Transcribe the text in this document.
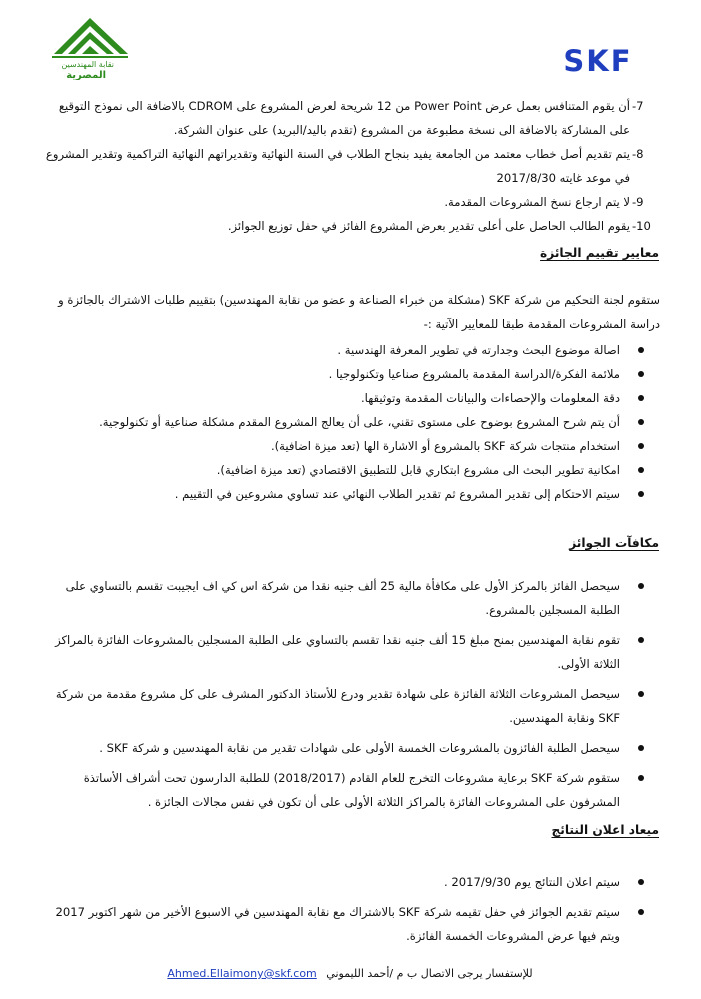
نقابة المهندسين
المصرية	SKF

-7
أن يقوم المتنافس بعمل عرض Power Point من 12 شريحة لعرض المشروع على CDROM بالاضافة الى نموذج التوقيع على المشاركة بالاضافة الى نسخة مطبوعة من المشروع (تقدم باليد/البريد) على عنوان الشركة.

-8
يتم تقديم أصل خطاب معتمد من الجامعة يفيد بنجاح الطلاب في السنة النهائية وتقديراتهم النهائية التراكمية وتقدير المشروع في موعد غايته 2017/8/30

-9
لا يتم ارجاع نسخ المشروعات المقدمة.

-10
يقوم الطالب الحاصل على أعلى تقدير بعرض المشروع الفائز في حفل توزيع الجوائز.

معايير تقييم الجائزة
ستقوم لجنة التحكيم من شركة SKF (مشكلة من خبراء الصناعة و عضو من نقابة المهندسين) بتقييم طلبات الاشتراك بالجائزة و دراسة المشروعات المقدمة طبقا للمعايير الآتية :-

اصالة موضوع البحث وجدارته في تطوير المعرفة الهندسية .

ملائمة الفكرة/الدراسة المقدمة بالمشروع صناعيا وتكنولوجيا .

دقة المعلومات والإحصاءات والبيانات المقدمة وتوثيقها.

أن يتم شرح المشروع بوضوح على مستوى تقني، على أن يعالج المشروع المقدم مشكلة صناعية أو تكنولوجية.

استخدام منتجات شركة SKF بالمشروع أو الاشارة الها (تعد ميزة اضافية).

امكانية تطوير البحث الى مشروع ابتكاري قابل للتطبيق الاقتصادي (تعد ميزة اضافية).

سيتم الاحتكام إلى تقدير المشروع ثم تقدير الطلاب النهائي عند تساوي مشروعين في التقييم .

مكافآت الجوائز

سيحصل الفائز بالمركز الأول على مكافأة مالية 25 ألف جنيه نقدا من شركة اس كي اف ايجيبت تقسم بالتساوي على الطلبة المسجلين بالمشروع.

تقوم نقابة المهندسين بمنح مبلغ 15 ألف جنيه نقدا تقسم بالتساوي على الطلبة المسجلين بالمشروعات الفائزة بالمراكز الثلاثة الأولى.

سيحصل المشروعات الثلاثة الفائزة على شهادة تقدير ودرع للأستاذ الدكتور المشرف على كل مشروع مقدمة من شركة SKF ونقابة المهندسين.

سيحصل الطلبة الفائزون بالمشروعات الخمسة الأولى على شهادات تقدير من نقابة المهندسين و شركة SKF .

ستقوم شركة SKF برعاية مشروعات التخرج للعام القادم (2018/2017) للطلبة الدارسون تحت أشراف الأساتذة المشرفون على المشروعات الفائزة بالمراكز الثلاثة الأولى على أن تكون في نفس مجالات الجائزة .

ميعاد اعلان النتائج

سيتم اعلان النتائج يوم 2017/9/30 .

سيتم تقديم الجوائز في حفل تقيمه شركة SKF بالاشتراك مع نقابة المهندسين في الاسبوع الأخير من شهر اكتوبر 2017 ويتم فيها عرض المشروعات الخمسة الفائزة.

Ahmed.Ellaimony@skf.com للإستفسار يرجى الاتصال ب م /أحمد الليموني
